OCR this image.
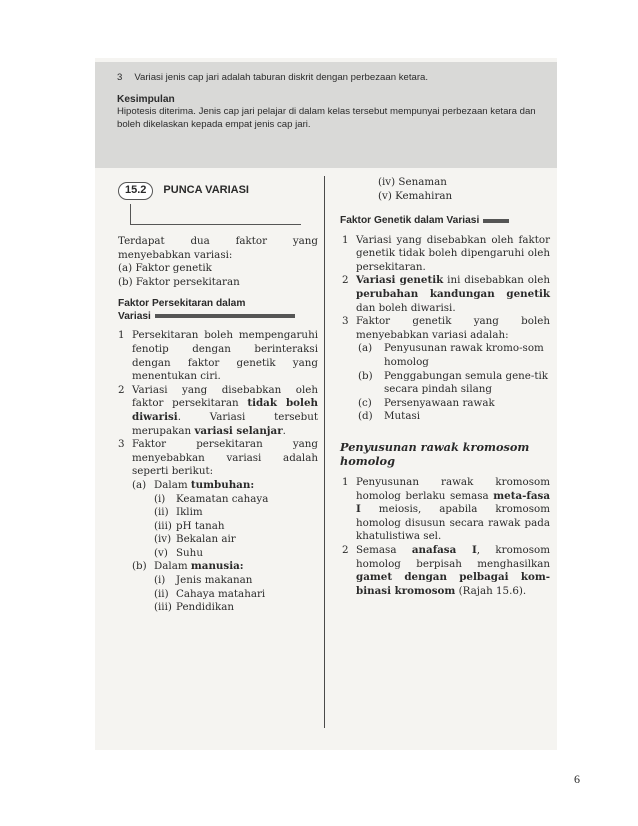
3 Variasi jenis cap jari adalah taburan diskrit dengan perbezaan ketara.

Kesimpulan

Hipotesis diterima. Jenis cap jari pelajar di dalam kelas tersebut mempunyai perbezaan ketara dan boleh dikelaskan kepada empat jenis cap jari.

15.2	PUNCA VARIASI
Terdapat dua faktor yang
menyebabkan variasi:
(a) Faktor genetik
(b) Faktor persekitaran
Faktor Persekitaran dalam
Variasi
1 Persekitaran boleh mempengaruhi fenotip dengan berinteraksi dengan faktor genetik yang menentukan ciri.
2 Variasi yang disebabkan oleh faktor persekitaran tidak boleh diwarisi. Variasi tersebut merupakan variasi selanjar.
3 Faktor persekitaran yang menyebabkan variasi adalah seperti berikut:
(a) Dalam tumbuhan:
(i)	Keamatan cahaya
(ii) Iklim
(iii) pH tanah
(iv) Bekalan air
(v) Suhu
(b) Dalam manusia:
(i)	Jenis makanan
(ii) Cahaya matahari
(iii) Pendidikan
(iv) Senaman
(v) Kemahiran
Faktor Genetik dalam Variasi
1 Variasi yang disebabkan oleh faktor genetik tidak boleh dipengaruhi oleh persekitaran.
2 Variasi genetik ini disebabkan oleh perubahan kandungan genetik dan boleh diwarisi.
3 Faktor genetik yang boleh menyebabkan variasi adalah:
(a)	Penyusunan rawak kromo-som homolog
(b)	Penggabungan semula gene-tik secara pindah silang
(c)	Persenyawaan rawak
(d)	Mutasi
Penyusunan rawak kromosom
homolog
1 Penyusunan rawak kromosom homolog berlaku semasa meta-fasa I meiosis, apabila kromosom homolog disusun secara rawak pada khatulistiwa sel.
2 Semasa anafasa I, kromosom homolog berpisah menghasilkan gamet dengan pelbagai kom-binasi kromosom (Rajah 15.6).
6
